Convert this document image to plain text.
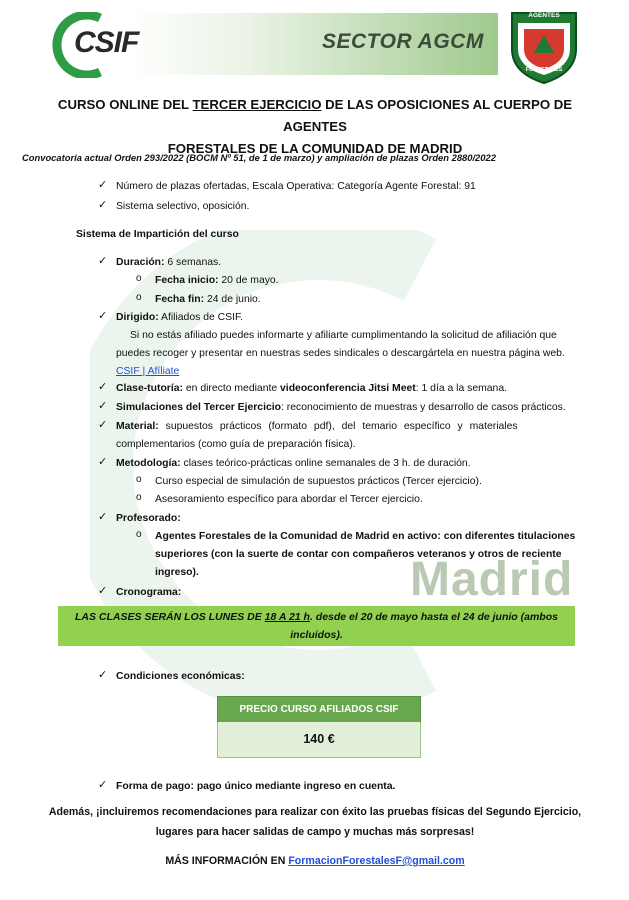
Madrid
CSIF	SECTOR AGCM
AGENTES
FORESTALES
CURSO ONLINE DEL TERCER EJERCICIO DE LAS OPOSICIONES AL CUERPO DE AGENTES
FORESTALES DE LA COMUNIDAD DE MADRID
Convocatoria actual Orden 293/2022 (BOCM Nº 51, de 1 de marzo) y ampliación de plazas Orden 2880/2022
✓ Número de plazas ofertadas, Escala Operativa: Categoría Agente Forestal: 91
✓ Sistema selectivo, oposición.
Sistema de Impartición del curso
✓ Duración: 6 semanas.
o Fecha inicio: 20 de mayo.
o Fecha fin: 24 de junio.
✓ Dirigido: Afiliados de CSIF.
Si no estás afiliado puedes informarte y afiliarte cumplimentando la solicitud de afiliación que
puedes recoger y presentar en nuestras sedes sindicales o descargártela en nuestra página web.
CSIF | Afíliate
✓ Clase-tutoría: en directo mediante videoconferencia Jitsi Meet: 1 día a la semana.
✓ Simulaciones del Tercer Ejercicio: reconocimiento de muestras y desarrollo de casos prácticos.
✓ Material: supuestos prácticos (formato pdf), del temario específico y materiales
complementarios (como guía de preparación física).
✓ Metodología: clases teórico-prácticas online semanales de 3 h. de duración.
o Curso especial de simulación de supuestos prácticos (Tercer ejercicio).
o Asesoramiento específico para abordar el Tercer ejercicio.
✓ Profesorado:
o Agentes Forestales de la Comunidad de Madrid en activo: con diferentes titulaciones
superiores (con la suerte de contar con compañeros veteranos y otros de reciente
ingreso).
✓ Cronograma:
LAS CLASES SERÁN LOS LUNES DE 18 A 21 h. desde el 20 de mayo hasta el 24 de junio (ambos
incluidos).
✓ Condiciones económicas:
PRECIO CURSO AFILIADOS CSIF
140 €
✓ Forma de pago: pago único mediante ingreso en cuenta.
Además, ¡incluiremos recomendaciones para realizar con éxito las pruebas físicas del Segundo Ejercicio,
lugares para hacer salidas de campo y muchas más sorpresas!
MÁS INFORMACIÓN EN FormacionForestalesF@gmail.com
